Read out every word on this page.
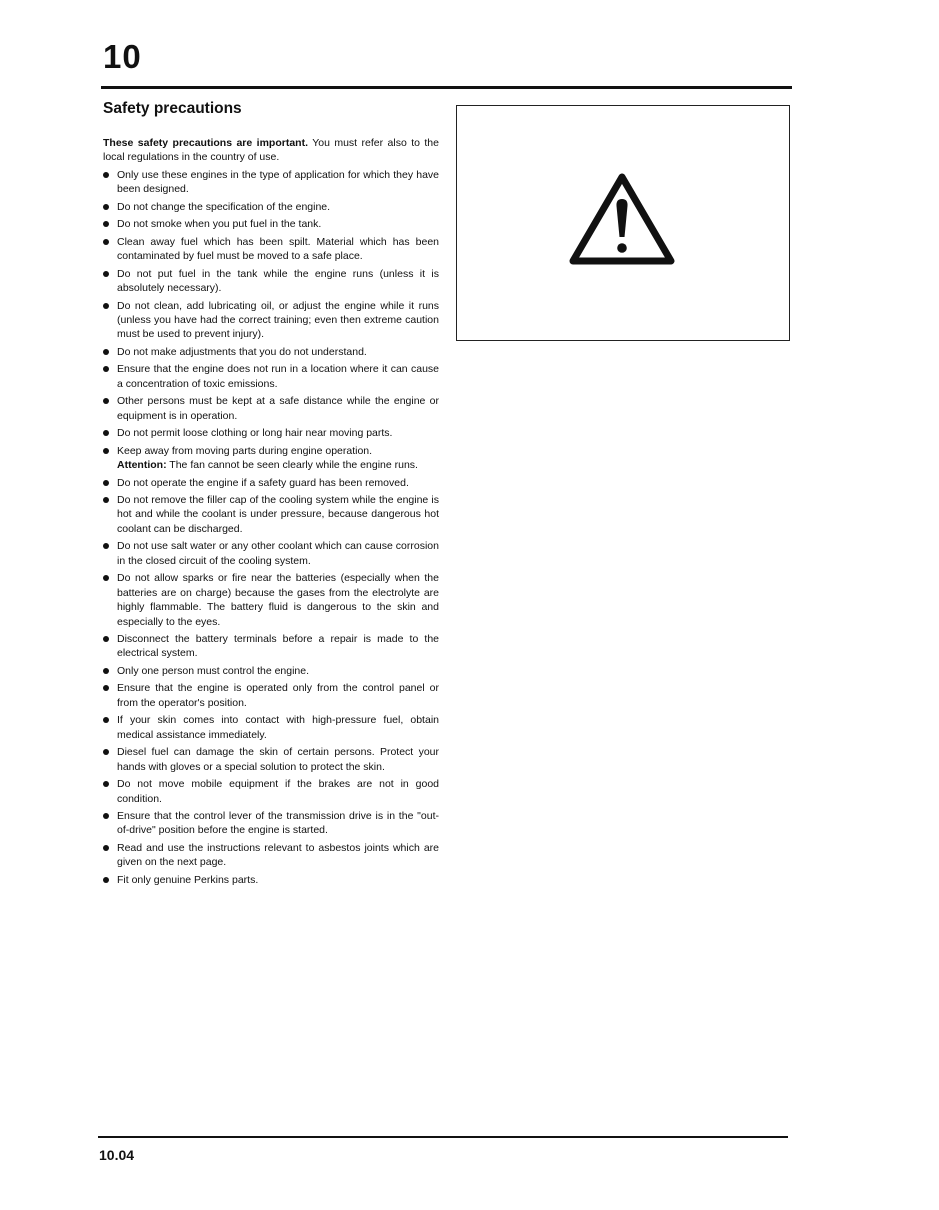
10
Safety precautions

These safety precautions are important. You must refer also to the local regulations in the country of use.

Only use these engines in the type of application for which they have been designed.
Do not change the specification of the engine.
Do not smoke when you put fuel in the tank.
Clean away fuel which has been spilt. Material which has been contaminated by fuel must be moved to a safe place.
Do not put fuel in the tank while the engine runs (unless it is absolutely necessary).
Do not clean, add lubricating oil, or adjust the engine while it runs (unless you have had the correct training; even then extreme caution must be used to prevent injury).
Do not make adjustments that you do not understand.
Ensure that the engine does not run in a location where it can cause a concentration of toxic emissions.
Other persons must be kept at a safe distance while the engine or equipment is in operation.
Do not permit loose clothing or long hair near moving parts.
Keep away from moving parts during engine operation.
Attention: The fan cannot be seen clearly while the engine runs.
Do not operate the engine if a safety guard has been removed.
Do not remove the filler cap of the cooling system while the engine is hot and while the coolant is under pressure, because dangerous hot coolant can be discharged.
Do not use salt water or any other coolant which can cause corrosion in the closed circuit of the cooling system.
Do not allow sparks or fire near the batteries (especially when the batteries are on charge) because the gases from the electrolyte are highly flammable. The battery fluid is dangerous to the skin and especially to the eyes.
Disconnect the battery terminals before a repair is made to the electrical system.
Only one person must control the engine.
Ensure that the engine is operated only from the control panel or from the operator's position.
If your skin comes into contact with high-pressure fuel, obtain medical assistance immediately.
Diesel fuel can damage the skin of certain persons. Protect your hands with gloves or a special solution to protect the skin.
Do not move mobile equipment if the brakes are not in good condition.
Ensure that the control lever of the transmission drive is in the "out-of-drive" position before the engine is started.
Read and use the instructions relevant to asbestos joints which are given on the next page.
Fit only genuine Perkins parts.
10.04
